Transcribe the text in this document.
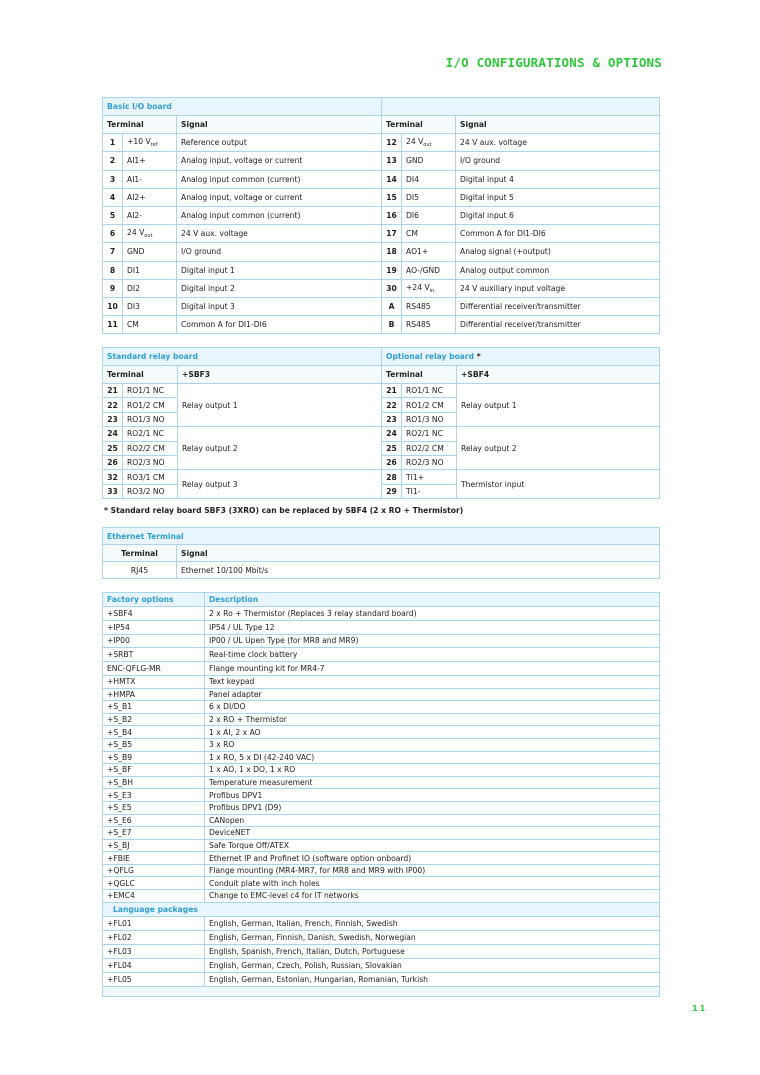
I/O CONFIGURATIONS & OPTIONS
Basic I/O board					
Terminal		Signal	Terminal		Signal
1	+10 $V_{ref}$	Reference output	12	24 $V_{out}$	24 V aux. voltage
2	AI1+	Analog input, voltage or current	13	GND	I/O ground
3	AI1-	Analog input common (current)	14	DI4	Digital input 4
4	AI2+	Analog input, voltage or current	15	DI5	Digital input 5
5	AI2-	Analog input common (current)	16	DI6	Digital input 6
6	24 $V_{out}$	24 V aux. voltage	17	CM	Common A for DI1-DI6
7	GND	I/O ground	18	AO1+	Analog signal (+output)
8	DI1	Digital input 1	19	AO-/GND	Analog output common
9	DI2	Digital input 2	30	+24 $V_{in}$	24 V auxiliary input voltage
10	DI3	Digital input 3	A	RS485	Differential receiver/transmitter
11	CM	Common A for DI1-DI6	B	RS485	Differential receiver/transmitter
Standard relay board			Optional relay board *		
Terminal		+SBF3	Terminal		+SBF4
21	RO1/1 NC	Relay output 1	21	RO1/1 NC	Relay output 1
22	RO1/2 CM		22	RO1/2 CM	
23	RO1/3 NO		23	RO1/3 NO	
24	RO2/1 NC	Relay output 2	24	RO2/1 NC	Relay output 2
25	RO2/2 CM		25	RO2/2 CM	
26	RO2/3 NO		26	RO2/3 NO	
32	RO3/1 CM	Relay output 3	28	TI1+	Thermistor input
33	RO3/2 NO		29	TI1-	
* Standard relay board SBF3 (3XRO) can be replaced by SBF4 (2 x RO + Thermistor)
Ethernet Terminal	
Terminal	Signal
RJ45	Ethernet 10/100 Mbit/s
Factory options	Description
+SBF4	2 x Ro + Thermistor (Replaces 3 relay standard board)
+IP54	IP54 / UL Type 12
+IP00	IP00 / UL Upen Type (for MR8 and MR9)
+SRBT	Real-time clock battery
ENC-QFLG-MR	Flange mounting kit for MR4-7
+HMTX	Text keypad
+HMPA	Panel adapter
+S_B1	6 x DI/DO
+S_B2	2 x RO + Thermistor
+S_B4	1 x AI, 2 x AO
+S_B5	3 x RO
+S_B9	1 x RO, 5 x DI (42-240 VAC)
+S_BF	1 x AO, 1 x DO, 1 x RO
+S_BH	Temperature measurement
+S_E3	Profibus DPV1
+S_E5	Profibus DPV1 (D9)
+S_E6	CANopen
+S_E7	DeviceNET
+S_BJ	Safe Torque Off/ATEX
+FBIE	Ethernet IP and Profinet IO (software option onboard)
+QFLG	Flange mounting (MR4-MR7, for MR8 and MR9 with IP00)
+QGLC	Conduit plate with inch holes
+EMC4	Change to EMC-level c4 for IT networks
Language packages	
+FL01	English, German, Italian, French, Finnish, Swedish
+FL02	English, German, Finnish, Danish, Swedish, Norwegian
+FL03	English, Spanish, French, Italian, Dutch, Portuguese
+FL04	English, German, Czech, Polish, Russian, Slovakian
+FL05	English, German, Estonian, Hungarian, Romanian, Turkish

11
